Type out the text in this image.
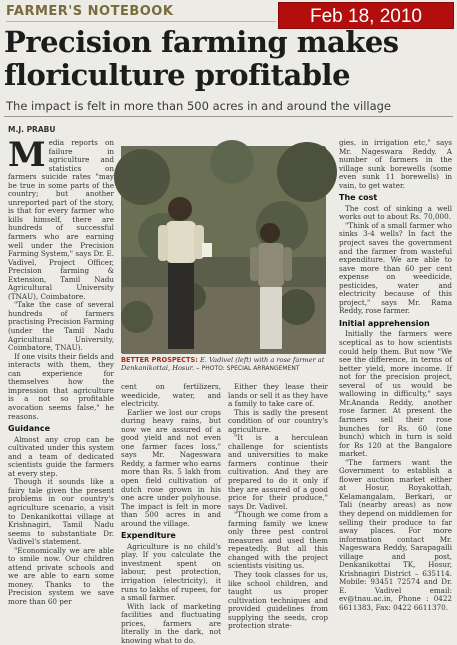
FARMER'S NOTEBOOK	Feb 18, 2010
Precision farming makes
floriculture profitable
The impact is felt in more than 500 acres in and around the village
M.J. PRABU

Media reports on failure in agriculture and statistics on farmers suicide rates "may be true in some parts of the country; but another unreported part of the story, is that for every farmer who kills himself, there are hundreds of successful farmers who are earning well under the Precision Farming System," says Dr. E. Vadivel, Project Officer, Precision farming & Extension, Tamil Nadu Agricultural University (TNAU), Coimbatore.

"Take the case of several hundreds of farmers practising Precision Farming (under the Tamil Nadu Agricultural University, Coimbatore, TNAU).

If one visits their fields and interacts with them, they can experience for themselves how the impression that agriculture is a not so profitable avocation seems false," he reasons.

Guidance

Almost any crop can be cultivated under this system and a team of dedicated scientists guide the farmers at every step.

Though it sounds like a fairy tale given the present problems in our country's agriculture scenario, a visit to Denkanikottai village at Krishnagiri, Tamil Nadu seems to substantiate Dr. Vadivel's statement.

"Economically we are able to smile now. Our children attend private schools and we are able to earn some money. Thanks to the Precision system we save more than 60 per

BETTER PROSPECTS: E. Vadivel (left) with a rose farmer at Denkanikottai, Hosur. – PHOTO: SPECIAL ARRANGEMENT

cent on fertilizers, weedicide, water, and electricity.

Earlier we lost our crops during heavy rains, but now we are assured of a good yield and not even one farmer faces loss," says Mr. Nageswara Reddy, a farmer who earns more than Rs. 5 lakh from open field cultivation of dutch rose grown in his one acre under polyhouse. The impact is felt in more than 500 acres in and around the village.

Expenditure

Agriculture is no child's play. If you calculate the investment spent on labour, pest protection, irrigation (electricity), it runs to lakhs of rupees, for a small farmer.

With lack of marketing facilities and fluctuating prices, farmers are literally in the dark, not knowing what to do.

Either they lease their lands or sell it as they have a family to take care of.

This is sadly the present condition of our country's agriculture.

"It is a herculean challenge for scientists and universities to make farmers continue their cultivation. And they are prepared to do it only if they are assured of a good price for their produce," says Dr. Vadivel.

"Though we come from a farming family we knew only three pest control measures and used them repeatedly. But all this changed with the project scientists visiting us.

They took classes for us, like school children, and taught us proper cultivation techniques and provided guidelines from supplying the seeds, crop protection strate-

gies, in irrigation etc," says Mr. Nageswara Reddy. A number of farmers in the village sunk borewells (some even sunk 11 borewells) in vain, to get water.

The cost

The cost of sinking a well works out to about Rs. 70,000.

"Think of a small farmer who sinks 3-4 wells? In fact the project saves the government and the farmer from wasteful expenditure. We are able to save more than 60 per cent expense on weedicide, pesticides, water and electricity because of this project," says Mr. Rama Reddy, rose farmer.

Initial apprehension

Initially the farmers were sceptical as to how scientists could help them. But now "We see the difference, in terms of better yield, more income. If not for the precision project, several of us would be wallowing in difficulty," says Mr.Ananda Reddy, another rose farmer. At present the farmers sell their rose bunches for Rs. 60 (one bunch) which in turn is sold for Rs 120 at the Bangalore market.

"The farmers want the Government to establish a flower auction market either at Hosur, Royakottah, Kelamangalam, Berkari, or Tali (nearby areas) as now they depend on middlemen for selling their produce to far away places. For more information contact Mr. Nageswara Reddy, Sarapagalli village and post, Denkanikottai TK, Hosur, Krishnagiri District – 635114. Mobile: 93451 72574 and Dr. E. Vadivel email: ev@tnau.ac.in, Phone : 0422 6611383, Fax: 0422 6611370.
